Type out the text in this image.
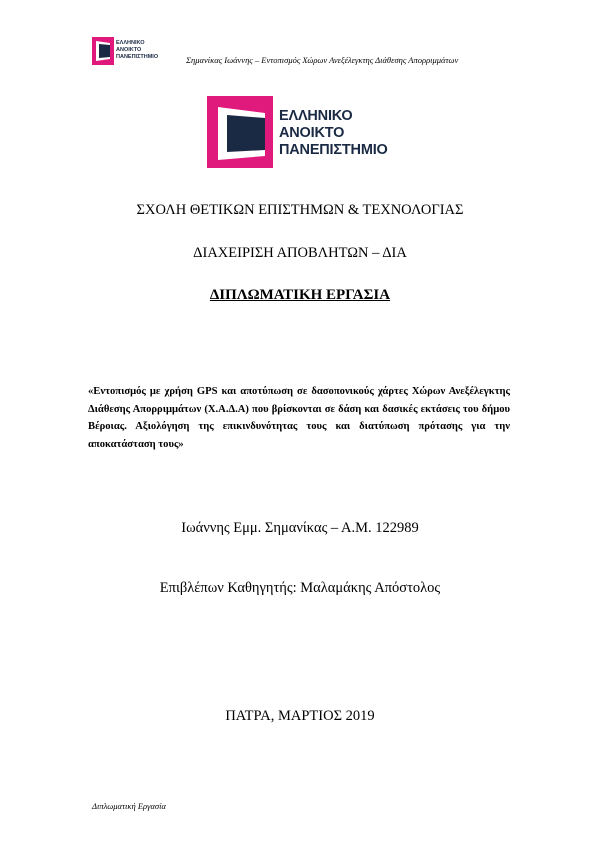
ΕΛΛΗΝΙΚΟ
ΑΝΟΙΚΤΟ
ΠΑΝΕΠΙΣΤΗΜΙΟ	Σημανίκας Ιωάννης – Εντοπισμός Χώρων Ανεξέλεγκτης Διάθεσης Απορριμμάτων
ΕΛΛΗΝΙΚΟ
ΑΝΟΙΚΤΟ
ΠΑΝΕΠΙΣΤΗΜΙΟ
ΣΧΟΛΗ ΘΕΤΙΚΩΝ ΕΠΙΣΤΗΜΩΝ & ΤΕΧΝΟΛΟΓΙΑΣ
ΔΙΑΧΕΙΡΙΣΗ ΑΠΟΒΛΗΤΩΝ – ΔΙΑ
ΔΙΠΛΩΜΑΤΙΚΗ ΕΡΓΑΣΙΑ
«Εντοπισμός με χρήση GPS και αποτύπωση σε δασοπονικούς χάρτες Χώρων Ανεξέλεγκτης Διάθεσης Απορριμμάτων (Χ.Α.Δ.Α) που βρίσκονται σε δάση και δασικές εκτάσεις του δήμου Βέροιας. Αξιολόγηση της επικινδυνότητας τους και διατύπωση πρότασης για την αποκατάσταση τους»
Ιωάννης Εμμ. Σημανίκας – Α.Μ. 122989
Επιβλέπων Καθηγητής: Μαλαμάκης Απόστολος
ΠΑΤΡΑ, ΜΑΡΤΙΟΣ 2019
Διπλωματική Εργασία
